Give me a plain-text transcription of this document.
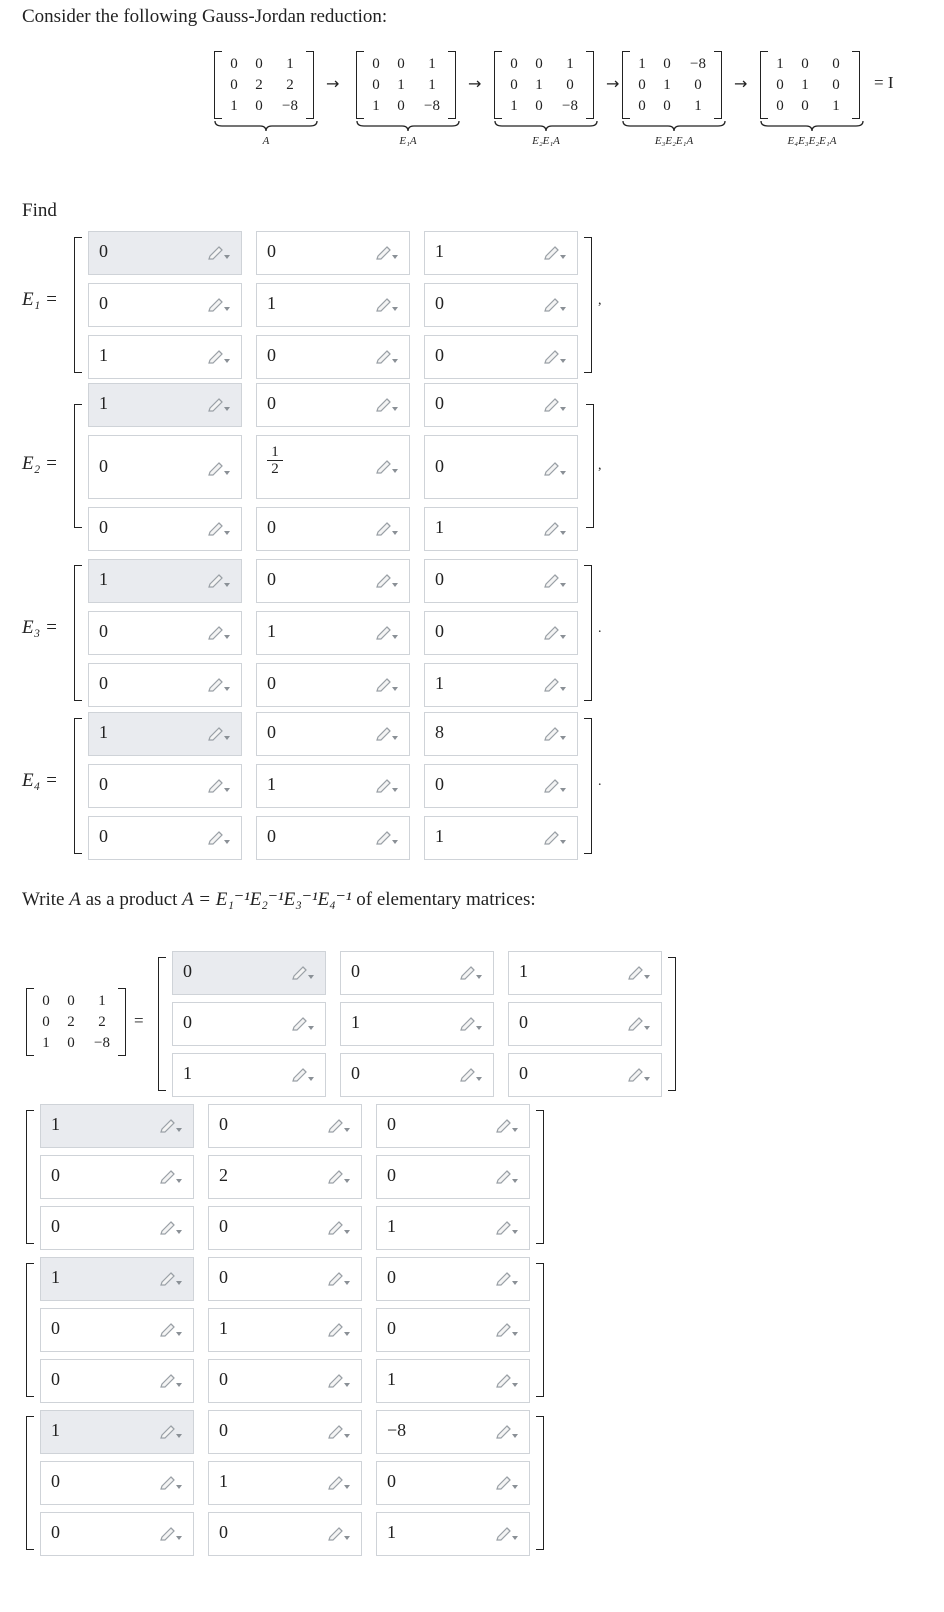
Consider the following Gauss-Jordan reduction:
0	0	1
0	2	2
1	0	−8
A
→
0	0	1
0	1	1
1	0	−8
E₁A
→
0	0	1
0	1	0
1	0	−8
E₂E₁A
→
1	0	−8
0	1	0
0	0	1
E₃E₂E₁A
→
1	0	0
0	1	0
0	0	1
E₄E₃E₂E₁A
= I
Find
E₁ =
0	0	1
0	1	0
1	0	0
,
E₂ =
1	0	0
0	$\frac{1}{2}$	0
0	0	1
,
E₃ =
1	0	0
0	1	0
0	0	1
.
E₄ =
1	0	8
0	1	0
0	0	1
.
Write A as a product A = E₁⁻¹E₂⁻¹E₃⁻¹E₄⁻¹ of elementary matrices:
0	0	1
0	2	2
1	0	−8
=
0	0	1
0	1	0
1	0	0
1	0	0
0	2	0
0	0	1
1	0	0
0	1	0
0	0	1
1	0	−8
0	1	0
0	0	1
